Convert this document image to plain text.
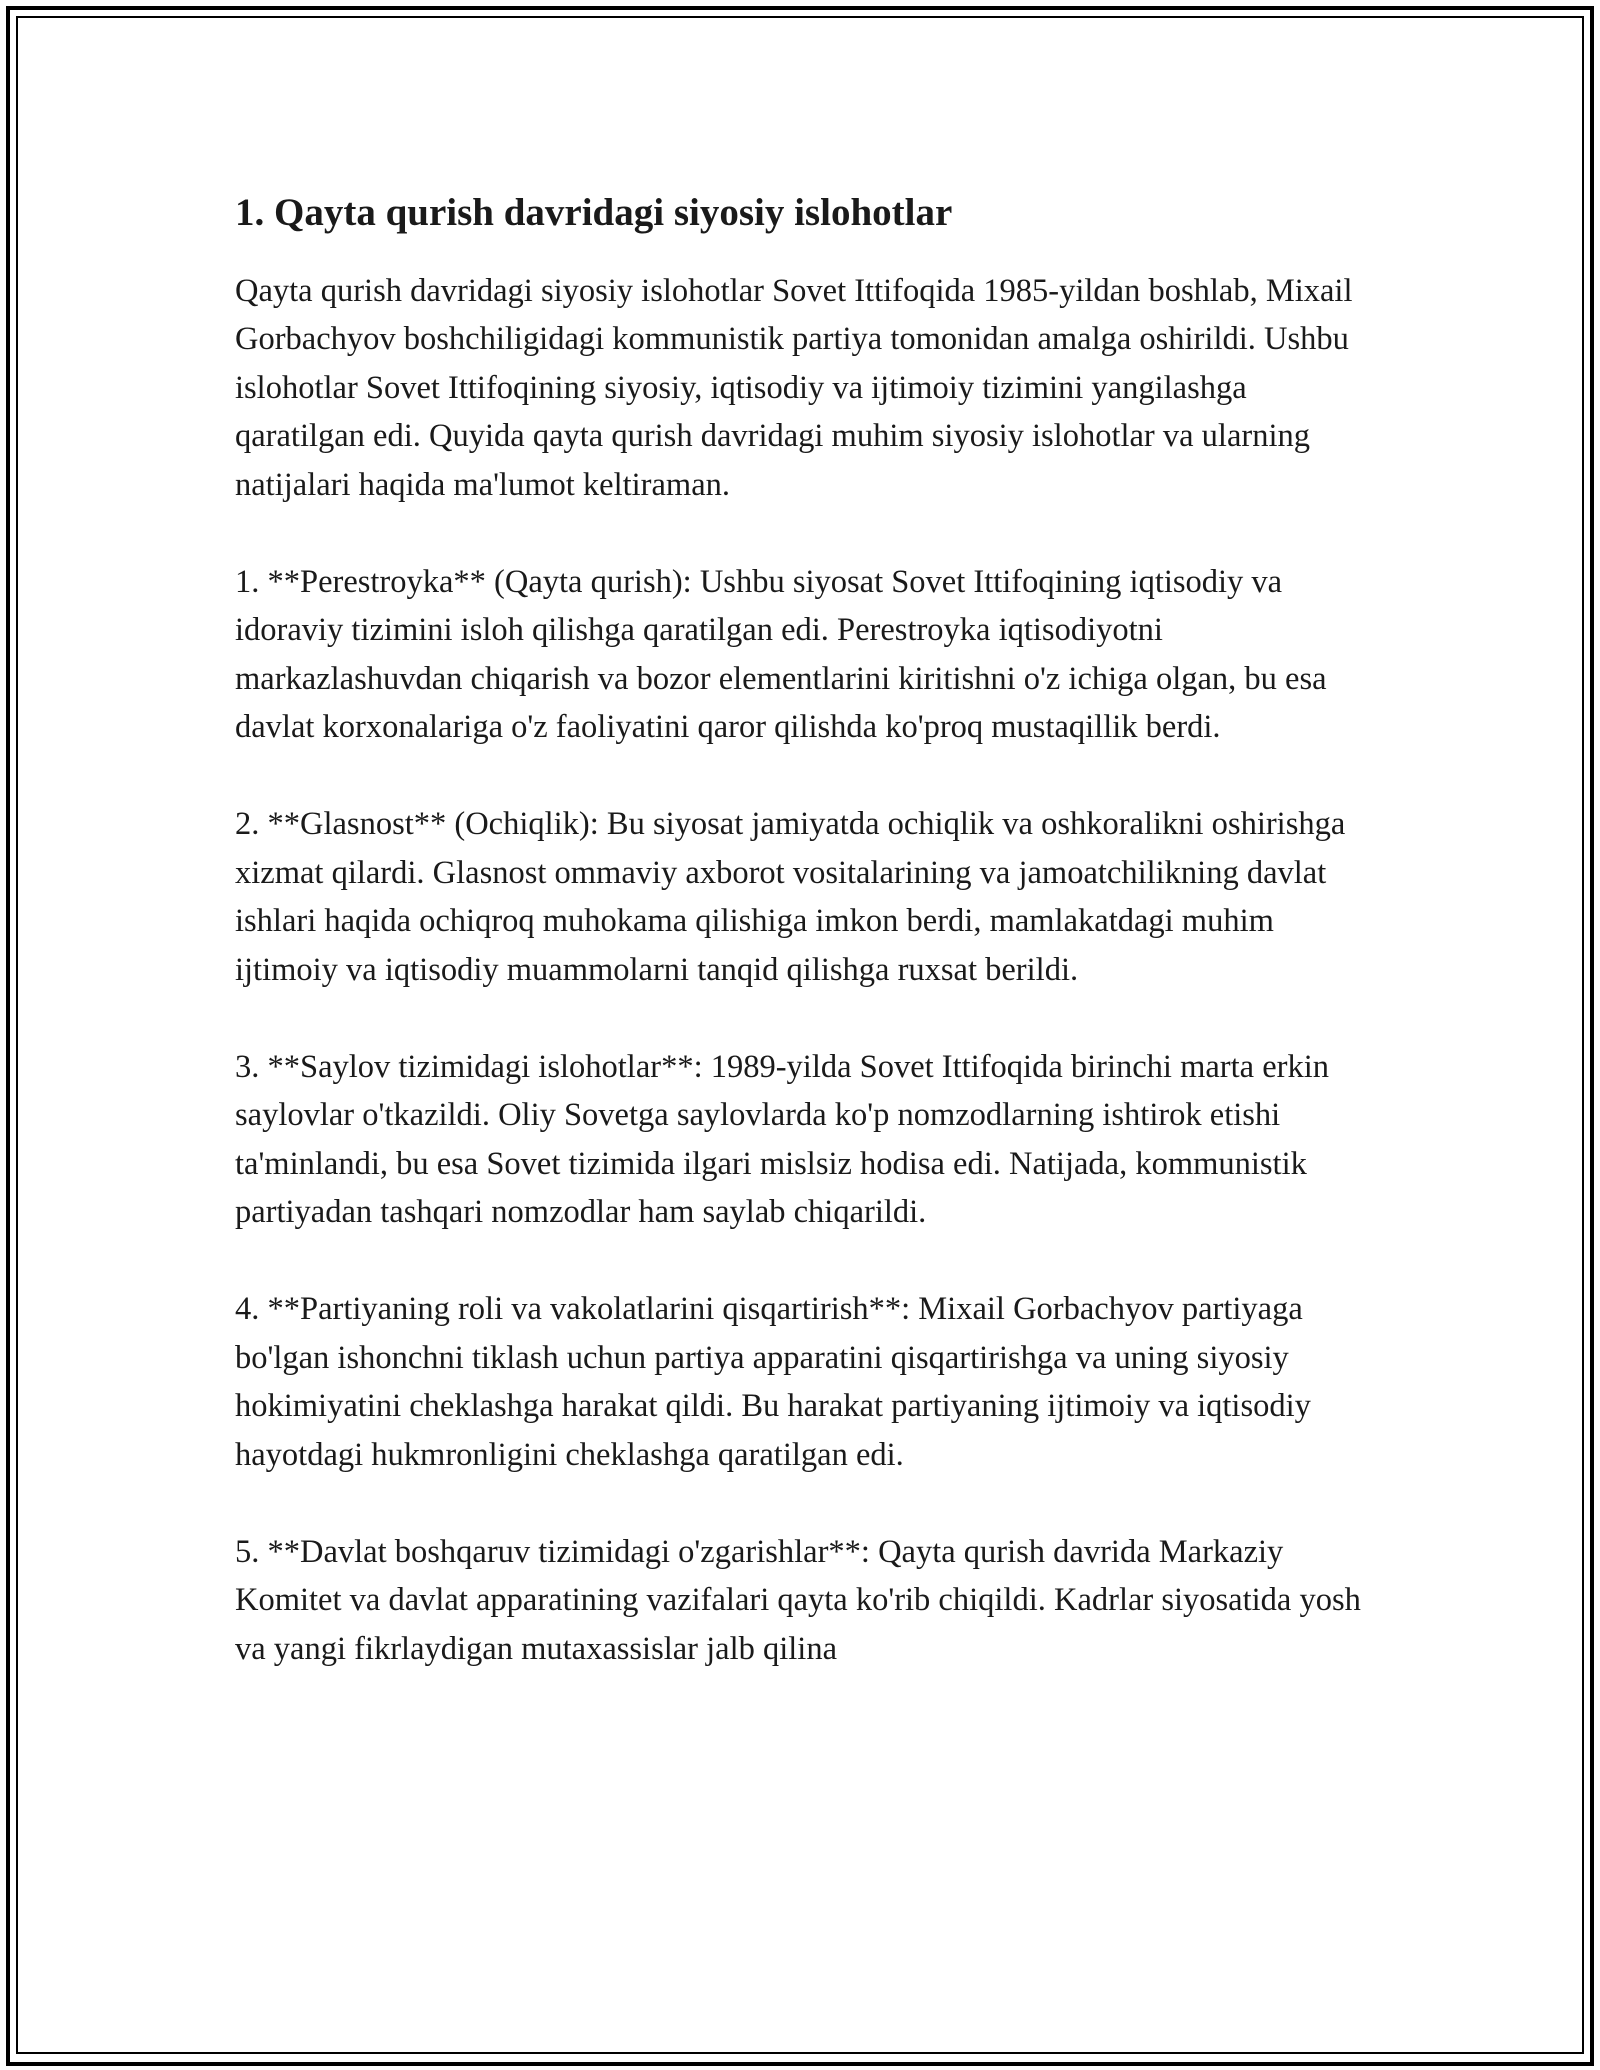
1. Qayta qurish davridagi siyosiy islohotlar

Qayta qurish davridagi siyosiy islohotlar Sovet Ittifoqida 1985-yildan boshlab, Mixail Gorbachyov boshchiligidagi kommunistik partiya tomonidan amalga oshirildi. Ushbu islohotlar Sovet Ittifoqining siyosiy, iqtisodiy va ijtimoiy tizimini yangilashga qaratilgan edi. Quyida qayta qurish davridagi muhim siyosiy islohotlar va ularning natijalari haqida ma'lumot keltiraman.

1. **Perestroyka** (Qayta qurish): Ushbu siyosat Sovet Ittifoqining iqtisodiy va idoraviy tizimini isloh qilishga qaratilgan edi. Perestroyka iqtisodiyotni markazlashuvdan chiqarish va bozor elementlarini kiritishni o'z ichiga olgan, bu esa davlat korxonalariga o'z faoliyatini qaror qilishda ko'proq mustaqillik berdi.

2. **Glasnost** (Ochiqlik): Bu siyosat jamiyatda ochiqlik va oshkoralikni oshirishga xizmat qilardi. Glasnost ommaviy axborot vositalarining va jamoatchilikning davlat ishlari haqida ochiqroq muhokama qilishiga imkon berdi, mamlakatdagi muhim ijtimoiy va iqtisodiy muammolarni tanqid qilishga ruxsat berildi.

3. **Saylov tizimidagi islohotlar**: 1989-yilda Sovet Ittifoqida birinchi marta erkin saylovlar o'tkazildi. Oliy Sovetga saylovlarda ko'p nomzodlarning ishtirok etishi ta'minlandi, bu esa Sovet tizimida ilgari mislsiz hodisa edi. Natijada, kommunistik partiyadan tashqari nomzodlar ham saylab chiqarildi.

4. **Partiyaning roli va vakolatlarini qisqartirish**: Mixail Gorbachyov partiyaga bo'lgan ishonchni tiklash uchun partiya apparatini qisqartirishga va uning siyosiy hokimiyatini cheklashga harakat qildi. Bu harakat partiyaning ijtimoiy va iqtisodiy hayotdagi hukmronligini cheklashga qaratilgan edi.

5. **Davlat boshqaruv tizimidagi o'zgarishlar**: Qayta qurish davrida Markaziy Komitet va davlat apparatining vazifalari qayta ko'rib chiqildi. Kadrlar siyosatida yosh va yangi fikrlaydigan mutaxassislar jalb qilina
